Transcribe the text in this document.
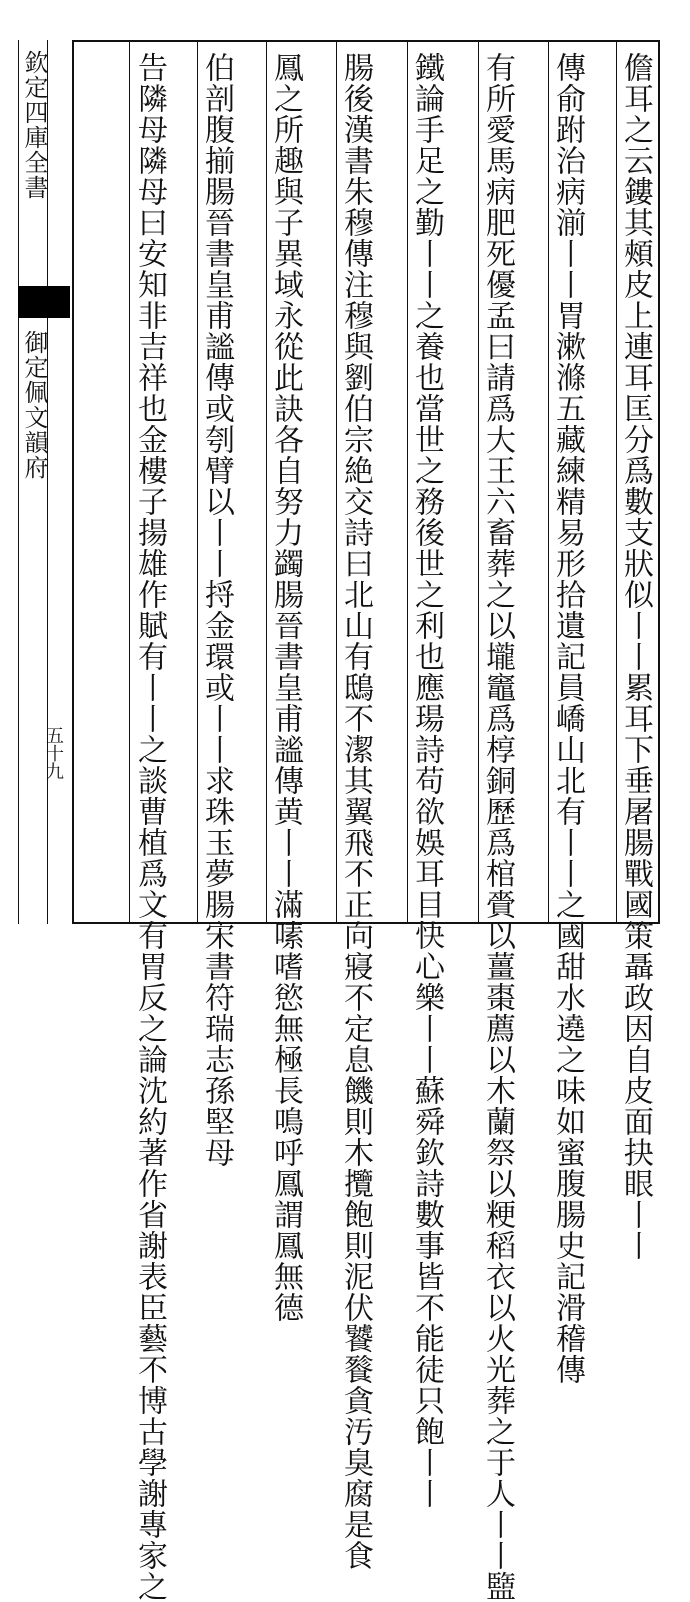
儋耳之云鏤其頰皮上連耳匡分爲數支狀似丨丨累耳下垂屠腸戰國策聶政因自皮面抉眼丨丨
傳俞跗治病湔丨丨胃漱滌五藏練精易形拾遺記員嶠山北有丨丨之國甜水遶之味如蜜腹腸史記滑稽傳
有所愛馬病肥死優孟曰請爲大王六畜葬之以壠竈爲椁銅歷爲棺賫以薑棗薦以木蘭祭以粳稻衣以火光葬之于人丨丨盬
鐵論手足之勤丨丨之養也當世之務後世之利也應瑒詩苟欲娛耳目快心樂丨丨蘇舜欽詩數事皆不能徒只飽丨丨
腸後漢書朱穆傳注穆與劉伯宗絶交詩曰北山有鴟不潔其翼飛不正向寢不定息饑則木攬飽則泥伏饕餮貪汚臭腐是食
鳳之所趣與子異域永從此訣各自努力蠲腸晉書皇甫謐傳黄丨丨滿嗉嗜慾無極長鳴呼鳳謂鳳無德
伯剖腹揃腸晉書皇甫謐傳或刳臂以丨丨捋金環或丨丨求珠玉夢腸宋書符瑞志孫堅母
告隣母隣母曰安知非吉祥也金樓子揚雄作賦有丨丨之談曹植爲文有胃反之論沈約著作省謝表臣藝不博古學謝專家之
欽定四庫全書
御定佩文韻府
五十九
